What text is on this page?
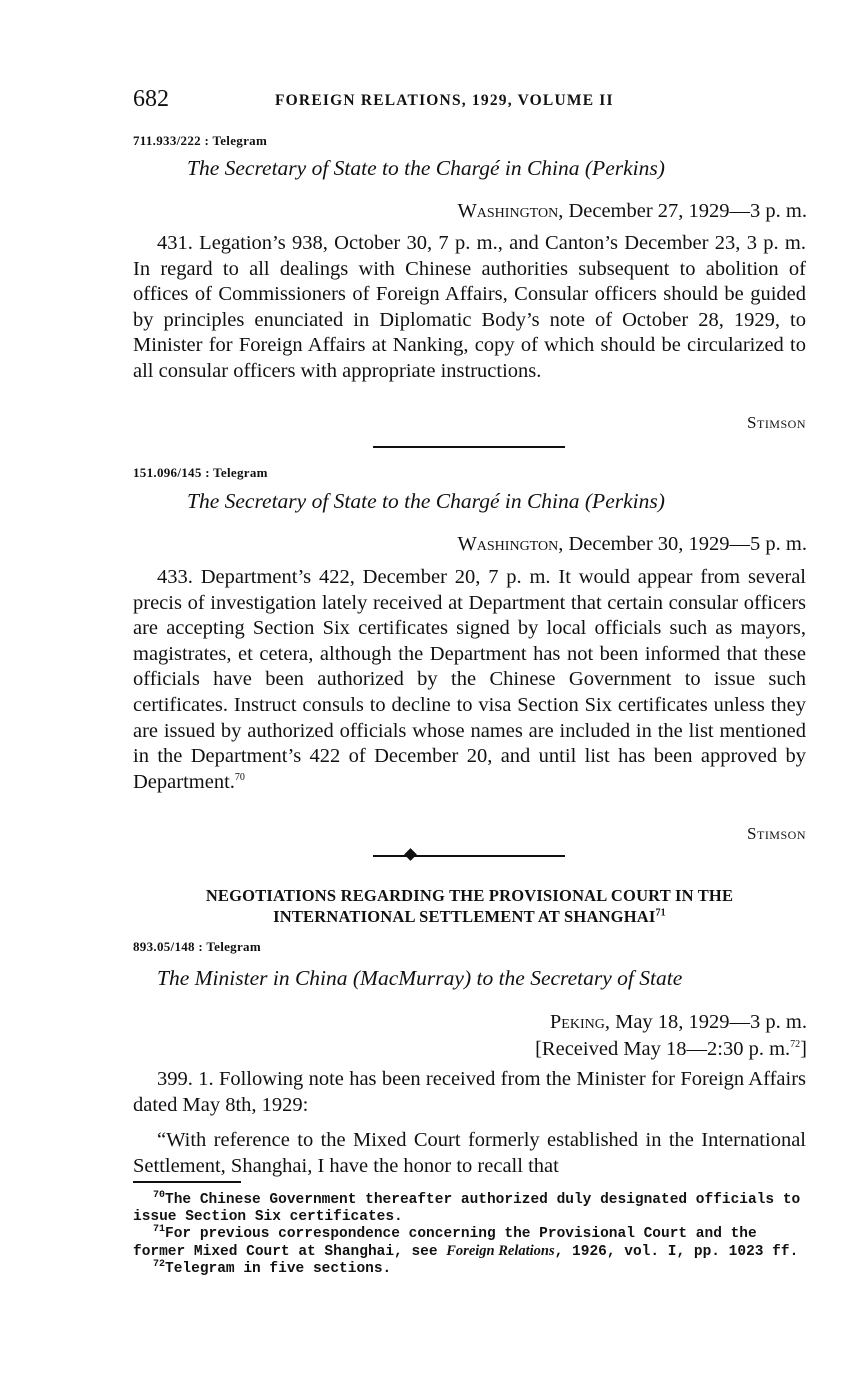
682	FOREIGN RELATIONS, 1929, VOLUME II
711.933/222 : Telegram
The Secretary of State to the Chargé in China (Perkins)
Washington, December 27, 1929—3 p. m.

431. Legation’s 938, October 30, 7 p. m., and Canton’s December 23, 3 p. m. In regard to all dealings with Chinese authorities subsequent to abolition of offices of Commissioners of Foreign Affairs, Consular officers should be guided by principles enunciated in Diplomatic Body’s note of October 28, 1929, to Minister for Foreign Affairs at Nanking, copy of which should be circularized to all consular officers with appropriate instructions.

Stimson
151.096/145 : Telegram
The Secretary of State to the Chargé in China (Perkins)
Washington, December 30, 1929—5 p. m.

433. Department’s 422, December 20, 7 p. m. It would appear from several precis of investigation lately received at Department that certain consular officers are accepting Section Six certificates signed by local officials such as mayors, magistrates, et cetera, although the Department has not been informed that these officials have been authorized by the Chinese Government to issue such certificates. Instruct consuls to decline to visa Section Six certificates unless they are issued by authorized officials whose names are included in the list mentioned in the Department’s 422 of December 20, and until list has been approved by Department.$^{70}$

Stimson
NEGOTIATIONS REGARDING THE PROVISIONAL COURT IN THE INTERNATIONAL SETTLEMENT AT SHANGHAI$^{71}$
893.05/148 : Telegram
The Minister in China (MacMurray) to the Secretary of State
Peking, May 18, 1929—3 p. m.
[Received May 18—2:30 p. m.$^{72}$]

399. 1. Following note has been received from the Minister for Foreign Affairs dated May 8th, 1929:

“With reference to the Mixed Court formerly established in the International Settlement, Shanghai, I have the honor to recall that

$^{70}$The Chinese Government thereafter authorized duly designated officials to issue Section Six certificates.

$^{71}$For previous correspondence concerning the Provisional Court and the former Mixed Court at Shanghai, see Foreign Relations, 1926, vol. I, pp. 1023 ff.

$^{72}$Telegram in five sections.
